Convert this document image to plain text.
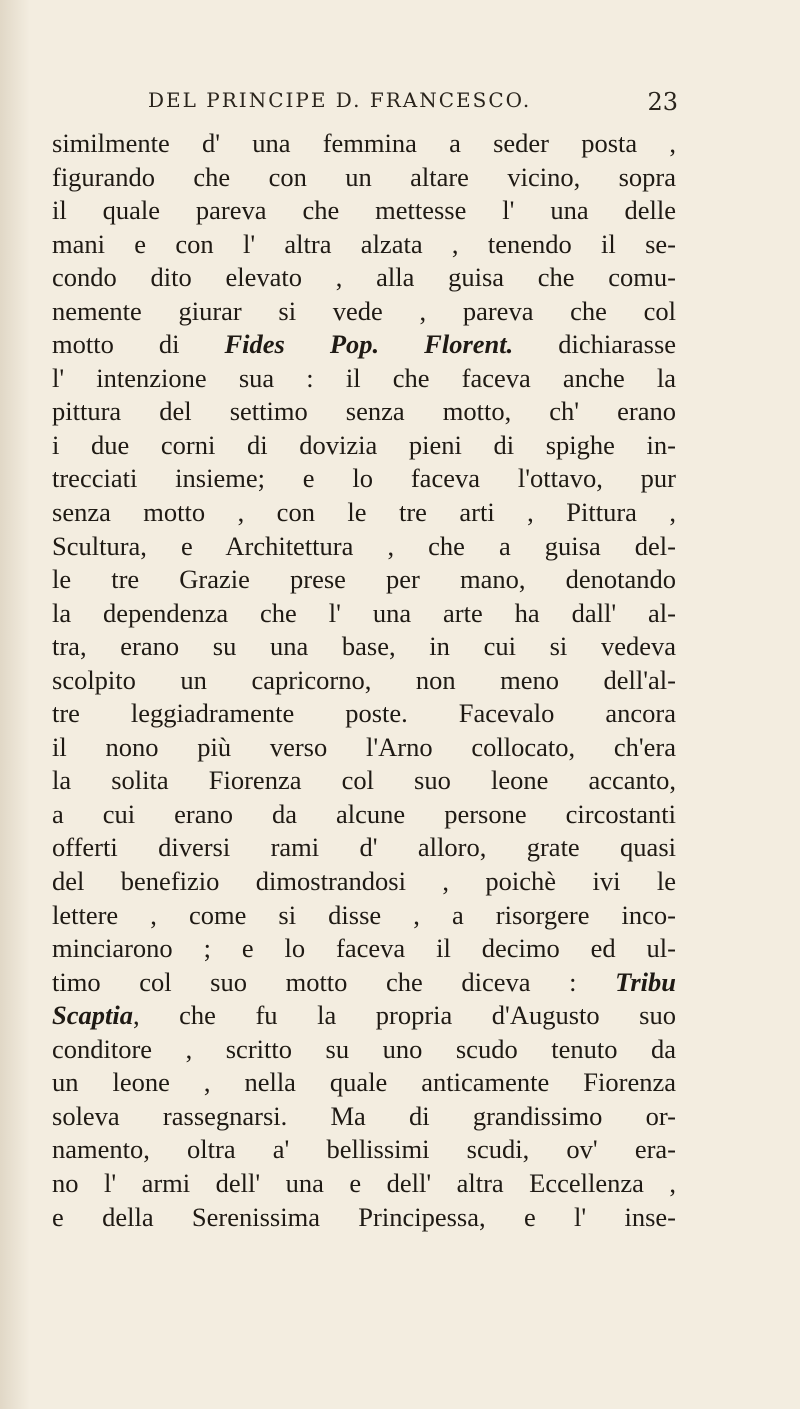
DEL PRINCIPE D. FRANCESCO.	23
similmente d' una femmina a seder posta ,
figurando che con un altare vicino, sopra
il quale pareva che mettesse l' una delle
mani e con l' altra alzata , tenendo il se-
condo dito elevato , alla guisa che comu-
nemente giurar si vede , pareva che col
motto di Fides Pop. Florent. dichiarasse
l' intenzione sua : il che faceva anche la
pittura del settimo senza motto, ch' erano
i due corni di dovizia pieni di spighe in-
trecciati insieme; e lo faceva l'ottavo, pur
senza motto , con le tre arti , Pittura ,
Scultura, e Architettura , che a guisa del-
le tre Grazie prese per mano, denotando
la dependenza che l' una arte ha dall' al-
tra, erano su una base, in cui si vedeva
scolpito un capricorno, non meno dell'al-
tre leggiadramente poste. Facevalo ancora
il nono più verso l'Arno collocato, ch'era
la solita Fiorenza col suo leone accanto,
a cui erano da alcune persone circostanti
offerti diversi rami d' alloro, grate quasi
del benefizio dimostrandosi , poichè ivi le
lettere , come si disse , a risorgere inco-
minciarono ; e lo faceva il decimo ed ul-
timo col suo motto che diceva : Tribu
Scaptia, che fu la propria d'Augusto suo
conditore , scritto su uno scudo tenuto da
un leone , nella quale anticamente Fiorenza
soleva rassegnarsi. Ma di grandissimo or-
namento, oltra a' bellissimi scudi, ov' era-
no l' armi dell' una e dell' altra Eccellenza ,
e della Serenissima Principessa, e l' inse-
